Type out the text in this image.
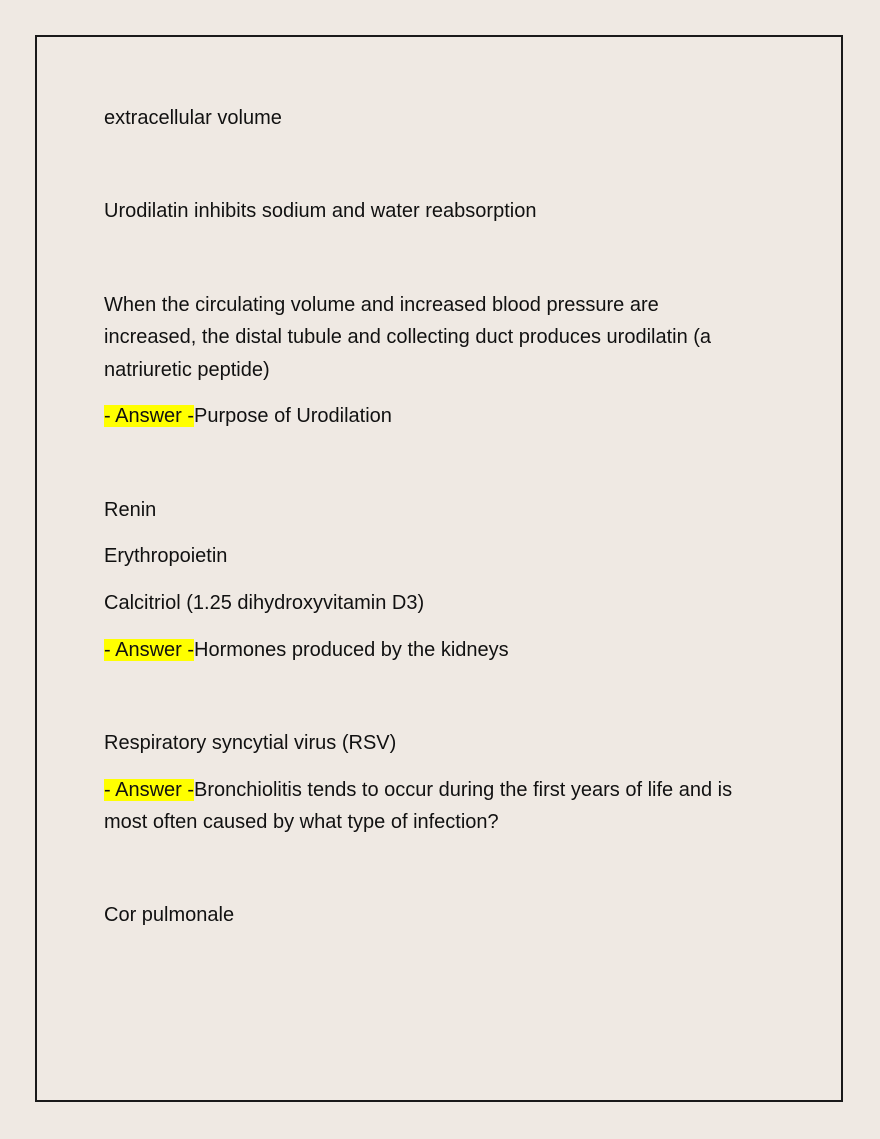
extracellular volume
Urodilatin inhibits sodium and water reabsorption
When the circulating volume and increased blood pressure are
increased, the distal tubule and collecting duct produces urodilatin (a
natriuretic peptide)
- Answer -Purpose of Urodilation
Renin
Erythropoietin
Calcitriol (1.25 dihydroxyvitamin D3)
- Answer -Hormones produced by the kidneys
Respiratory syncytial virus (RSV)
- Answer -Bronchiolitis tends to occur during the first years of life and is
most often caused by what type of infection?
Cor pulmonale
